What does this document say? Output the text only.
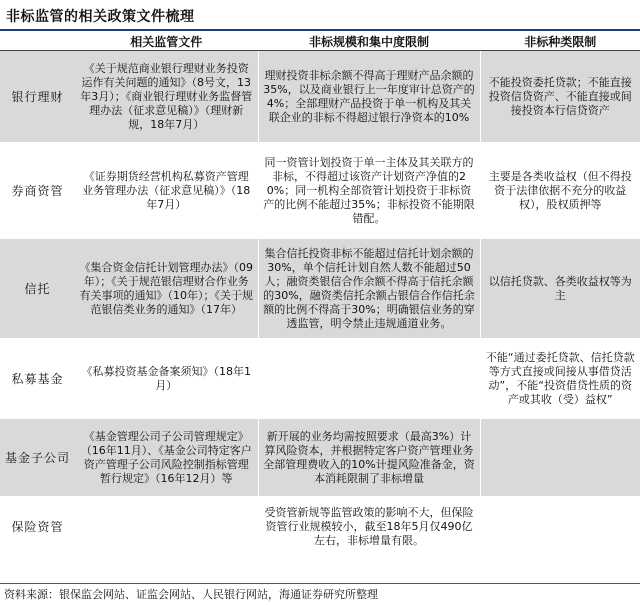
非标监管的相关政策文件梳理
	相关监管文件	非标规模和集中度限制	非标种类限制
银行理财	《关于规范商业银行理财业务投资运作有关问题的通知》（8号文，13年3月）；《商业银行理财业务监督管理办法（征求意见稿）》（理财新规，18年7月）	理财投资非标余额不得高于理财产品余额的35%，以及商业银行上一年度审计总资产的4%；全部理财产品投资于单一机构及其关联企业的非标不得超过银行净资本的10%	不能投资委托贷款；不能直接投资信贷资产、不能直接或间接投资本行信贷资产
券商资管	《证券期货经营机构私募资产管理业务管理办法（征求意见稿）》（18年7月）	同一资管计划投资于单一主体及其关联方的非标，不得超过该资产计划资产净值的20%；同一机构全部资管计划投资于非标资产的比例不能超过35%；非标投资不能期限错配。	主要是各类收益权（但不得投资于法律依据不充分的收益权），股权质押等
信托	《集合资金信托计划管理办法》（09年）；《关于规范银信理财合作业务有关事项的通知》（10年）；《关于规范银信类业务的通知》（17年）	集合信托投资非标不能超过信托计划余额的30%，单个信托计划自然人数不能超过50人；融资类银信合作余额不得高于信托余额的30%，融资类信托余额占银信合作信托余额的比例不得高于30%；明确银信业务的穿透监管，明令禁止违规通道业务。	以信托贷款、各类收益权等为主
私募基金	《私募投资基金备案须知》（18年1月）		不能“通过委托贷款、信托贷款等方式直接或间接从事借贷活动”，不能“投资借贷性质的资产或其收（受）益权”
基金子公司	《基金管理公司子公司管理规定》（16年11月）、《基金公司特定客户资产管理子公司风险控制指标管理暂行规定》（16年12月）等	新开展的业务均需按照要求（最高3%）计算风险资本，并根据特定客户资产管理业务全部管理费收入的10%计提风险准备金，资本消耗限制了非标增量	
保险资管		受资管新规等监管政策的影响不大，但保险资管行业规模较小，截至18年5月仅490亿左右，非标增量有限。	
资料来源：银保监会网站、证监会网站、人民银行网站，海通证券研究所整理
